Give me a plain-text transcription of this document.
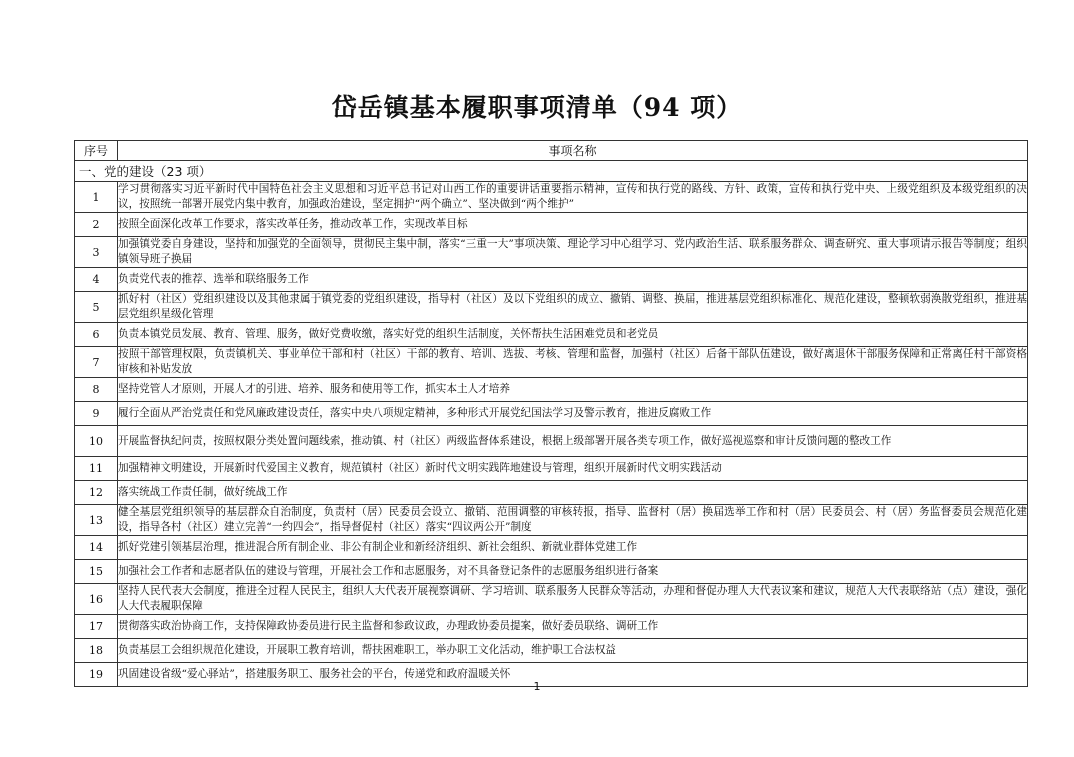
岱岳镇基本履职事项清单（94 项）
序号	事项名称
一、党的建设（23 项）	
1	学习贯彻落实习近平新时代中国特色社会主义思想和习近平总书记对山西工作的重要讲话重要指示精神，宣传和执行党的路线、方针、政策，宣传和执行党中央、上级党组织及本级党组织的决议，按照统一部署开展党内集中教育，加强政治建设，坚定拥护“两个确立”、坚决做到“两个维护”
2	按照全面深化改革工作要求，落实改革任务，推动改革工作，实现改革目标
3	加强镇党委自身建设，坚持和加强党的全面领导，贯彻民主集中制，落实“三重一大”事项决策、理论学习中心组学习、党内政治生活、联系服务群众、调查研究、重大事项请示报告等制度；组织镇领导班子换届
4	负责党代表的推荐、选举和联络服务工作
5	抓好村（社区）党组织建设以及其他隶属于镇党委的党组织建设，指导村（社区）及以下党组织的成立、撤销、调整、换届，推进基层党组织标准化、规范化建设，整顿软弱涣散党组织，推进基层党组织星级化管理
6	负责本镇党员发展、教育、管理、服务，做好党费收缴，落实好党的组织生活制度，关怀帮扶生活困难党员和老党员
7	按照干部管理权限，负责镇机关、事业单位干部和村（社区）干部的教育、培训、选拔、考核、管理和监督，加强村（社区）后备干部队伍建设，做好离退休干部服务保障和正常离任村干部资格审核和补贴发放
8	坚持党管人才原则，开展人才的引进、培养、服务和使用等工作，抓实本土人才培养
9	履行全面从严治党责任和党风廉政建设责任，落实中央八项规定精神，多种形式开展党纪国法学习及警示教育，推进反腐败工作
10	开展监督执纪问责，按照权限分类处置问题线索，推动镇、村（社区）两级监督体系建设，根据上级部署开展各类专项工作，做好巡视巡察和审计反馈问题的整改工作
11	加强精神文明建设，开展新时代爱国主义教育，规范镇村（社区）新时代文明实践阵地建设与管理，组织开展新时代文明实践活动
12	落实统战工作责任制，做好统战工作
13	健全基层党组织领导的基层群众自治制度，负责村（居）民委员会设立、撤销、范围调整的审核转报，指导、监督村（居）换届选举工作和村（居）民委员会、村（居）务监督委员会规范化建设，指导各村（社区）建立完善“一约四会”，指导督促村（社区）落实“四议两公开”制度
14	抓好党建引领基层治理，推进混合所有制企业、非公有制企业和新经济组织、新社会组织、新就业群体党建工作
15	加强社会工作者和志愿者队伍的建设与管理，开展社会工作和志愿服务，对不具备登记条件的志愿服务组织进行备案
16	坚持人民代表大会制度，推进全过程人民民主，组织人大代表开展视察调研、学习培训、联系服务人民群众等活动，办理和督促办理人大代表议案和建议，规范人大代表联络站（点）建设，强化人大代表履职保障
17	贯彻落实政治协商工作，支持保障政协委员进行民主监督和参政议政，办理政协委员提案，做好委员联络、调研工作
18	负责基层工会组织规范化建设，开展职工教育培训，帮扶困难职工，举办职工文化活动，维护职工合法权益
19	巩固建设省级“爱心驿站”，搭建服务职工、服务社会的平台，传递党和政府温暖关怀
1
